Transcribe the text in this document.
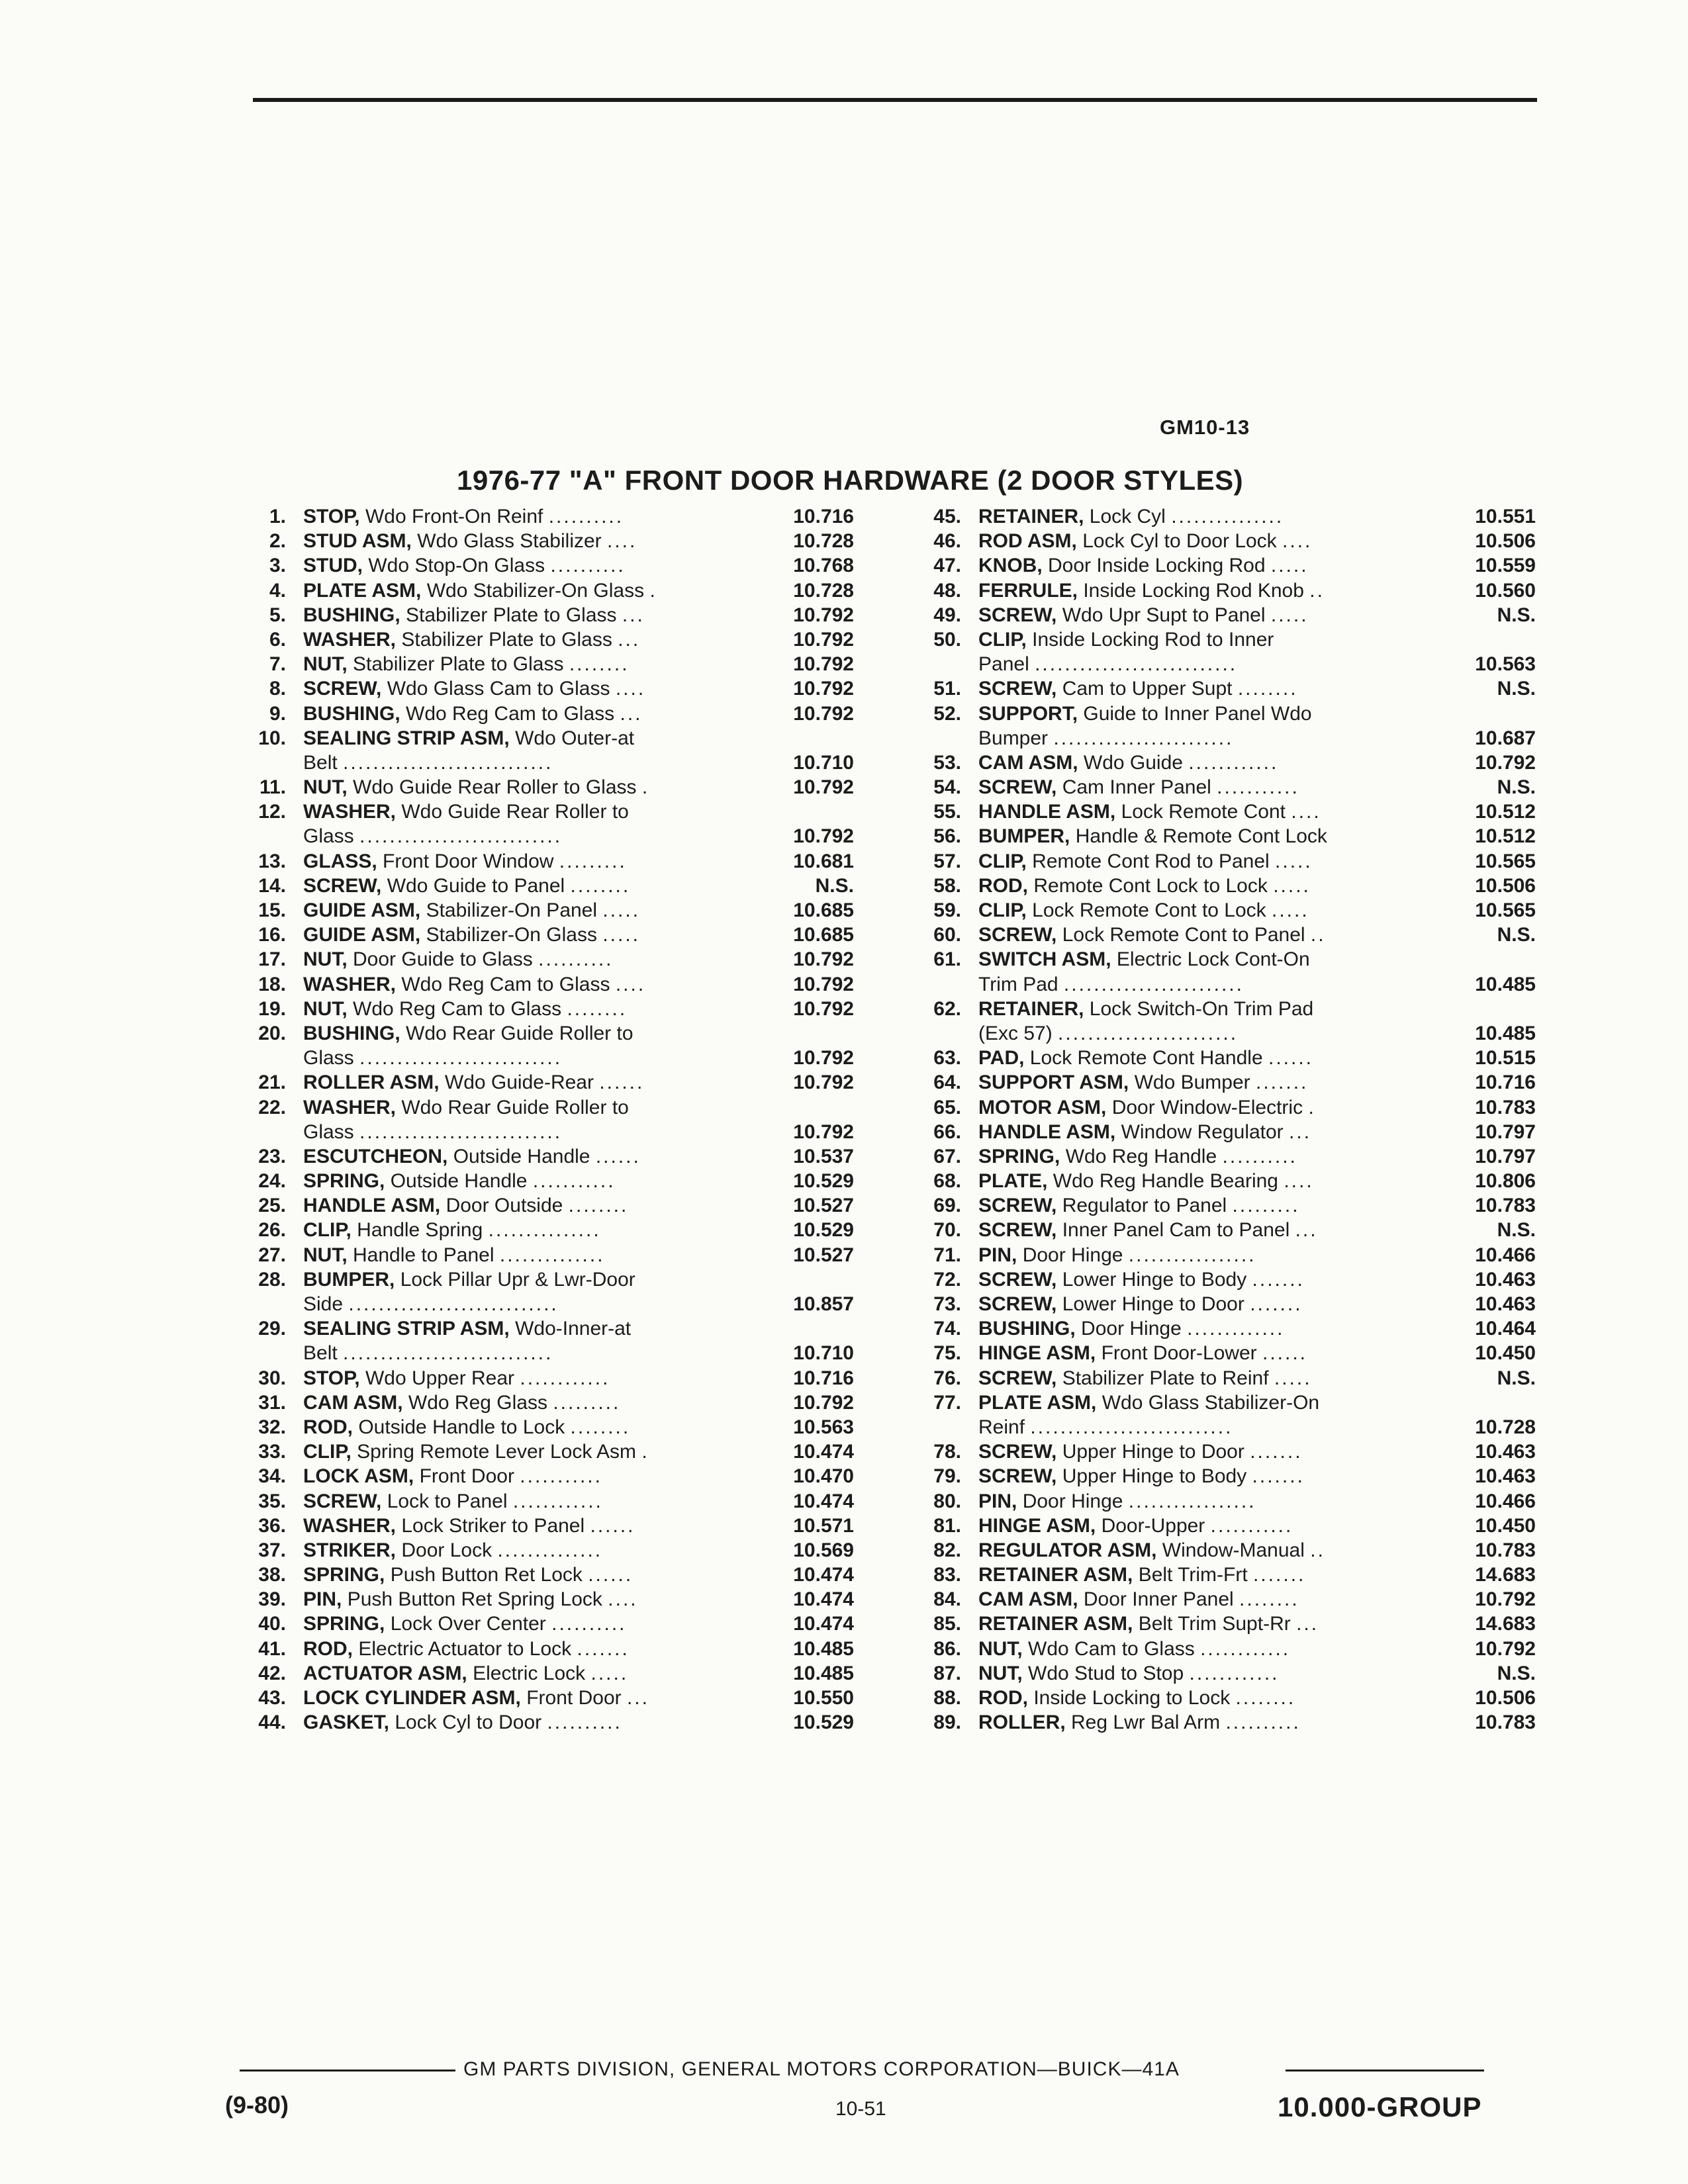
GM10-13
1976-77 "A" FRONT DOOR HARDWARE (2 DOOR STYLES)
1. STOP, Wdo Front-On Reinf ..........	10.716
2. STUD ASM, Wdo Glass Stabilizer ....	10.728
3. STUD, Wdo Stop-On Glass ..........	10.768
4. PLATE ASM, Wdo Stabilizer-On Glass .	10.728
5. BUSHING, Stabilizer Plate to Glass ...	10.792
6. WASHER, Stabilizer Plate to Glass ...	10.792
7. NUT, Stabilizer Plate to Glass ........	10.792
8. SCREW, Wdo Glass Cam to Glass ....	10.792
9. BUSHING, Wdo Reg Cam to Glass ...	10.792
10. SEALING STRIP ASM, Wdo Outer-at
Belt ............................	10.710
11. NUT, Wdo Guide Rear Roller to Glass .	10.792
12. WASHER, Wdo Guide Rear Roller to
Glass ...........................	10.792
13. GLASS, Front Door Window .........	10.681
14. SCREW, Wdo Guide to Panel ........	N.S.
15. GUIDE ASM, Stabilizer-On Panel .....	10.685
16. GUIDE ASM, Stabilizer-On Glass .....	10.685
17. NUT, Door Guide to Glass ..........	10.792
18. WASHER, Wdo Reg Cam to Glass ....	10.792
19. NUT, Wdo Reg Cam to Glass ........	10.792
20. BUSHING, Wdo Rear Guide Roller to
Glass ...........................	10.792
21. ROLLER ASM, Wdo Guide-Rear ......	10.792
22. WASHER, Wdo Rear Guide Roller to
Glass ...........................	10.792
23. ESCUTCHEON, Outside Handle ......	10.537
24. SPRING, Outside Handle ...........	10.529
25. HANDLE ASM, Door Outside ........	10.527
26. CLIP, Handle Spring ...............	10.529
27. NUT, Handle to Panel ..............	10.527
28. BUMPER, Lock Pillar Upr & Lwr-Door
Side ............................	10.857
29. SEALING STRIP ASM, Wdo-Inner-at
Belt ............................	10.710
30. STOP, Wdo Upper Rear ............	10.716
31. CAM ASM, Wdo Reg Glass .........	10.792
32. ROD, Outside Handle to Lock ........	10.563
33. CLIP, Spring Remote Lever Lock Asm .	10.474
34. LOCK ASM, Front Door ...........	10.470
35. SCREW, Lock to Panel ............	10.474
36. WASHER, Lock Striker to Panel ......	10.571
37. STRIKER, Door Lock ..............	10.569
38. SPRING, Push Button Ret Lock ......	10.474
39. PIN, Push Button Ret Spring Lock ....	10.474
40. SPRING, Lock Over Center ..........	10.474
41. ROD, Electric Actuator to Lock .......	10.485
42. ACTUATOR ASM, Electric Lock .....	10.485
43. LOCK CYLINDER ASM, Front Door ...	10.550
44. GASKET, Lock Cyl to Door ..........	10.529
45. RETAINER, Lock Cyl ...............	10.551
46. ROD ASM, Lock Cyl to Door Lock ....	10.506
47. KNOB, Door Inside Locking Rod .....	10.559
48. FERRULE, Inside Locking Rod Knob ..	10.560
49. SCREW, Wdo Upr Supt to Panel .....	N.S.
50. CLIP, Inside Locking Rod to Inner
Panel ...........................	10.563
51. SCREW, Cam to Upper Supt ........	N.S.
52. SUPPORT, Guide to Inner Panel Wdo
Bumper ........................	10.687
53. CAM ASM, Wdo Guide ............	10.792
54. SCREW, Cam Inner Panel ...........	N.S.
55. HANDLE ASM, Lock Remote Cont ....	10.512
56. BUMPER, Handle & Remote Cont Lock	10.512
57. CLIP, Remote Cont Rod to Panel .....	10.565
58. ROD, Remote Cont Lock to Lock .....	10.506
59. CLIP, Lock Remote Cont to Lock .....	10.565
60. SCREW, Lock Remote Cont to Panel ..	N.S.
61. SWITCH ASM, Electric Lock Cont-On
Trim Pad ........................	10.485
62. RETAINER, Lock Switch-On Trim Pad
(Exc 57) ........................	10.485
63. PAD, Lock Remote Cont Handle ......	10.515
64. SUPPORT ASM, Wdo Bumper .......	10.716
65. MOTOR ASM, Door Window-Electric .	10.783
66. HANDLE ASM, Window Regulator ...	10.797
67. SPRING, Wdo Reg Handle ..........	10.797
68. PLATE, Wdo Reg Handle Bearing ....	10.806
69. SCREW, Regulator to Panel .........	10.783
70. SCREW, Inner Panel Cam to Panel ...	N.S.
71. PIN, Door Hinge .................	10.466
72. SCREW, Lower Hinge to Body .......	10.463
73. SCREW, Lower Hinge to Door .......	10.463
74. BUSHING, Door Hinge .............	10.464
75. HINGE ASM, Front Door-Lower ......	10.450
76. SCREW, Stabilizer Plate to Reinf .....	N.S.
77. PLATE ASM, Wdo Glass Stabilizer-On
Reinf ...........................	10.728
78. SCREW, Upper Hinge to Door .......	10.463
79. SCREW, Upper Hinge to Body .......	10.463
80. PIN, Door Hinge .................	10.466
81. HINGE ASM, Door-Upper ...........	10.450
82. REGULATOR ASM, Window-Manual ..	10.783
83. RETAINER ASM, Belt Trim-Frt .......	14.683
84. CAM ASM, Door Inner Panel ........	10.792
85. RETAINER ASM, Belt Trim Supt-Rr ...	14.683
86. NUT, Wdo Cam to Glass ............	10.792
87. NUT, Wdo Stud to Stop ............	N.S.
88. ROD, Inside Locking to Lock ........	10.506
89. ROLLER, Reg Lwr Bal Arm ..........	10.783
GM PARTS DIVISION, GENERAL MOTORS CORPORATION—BUICK—41A
(9-80)	10-51	10.000-GROUP
